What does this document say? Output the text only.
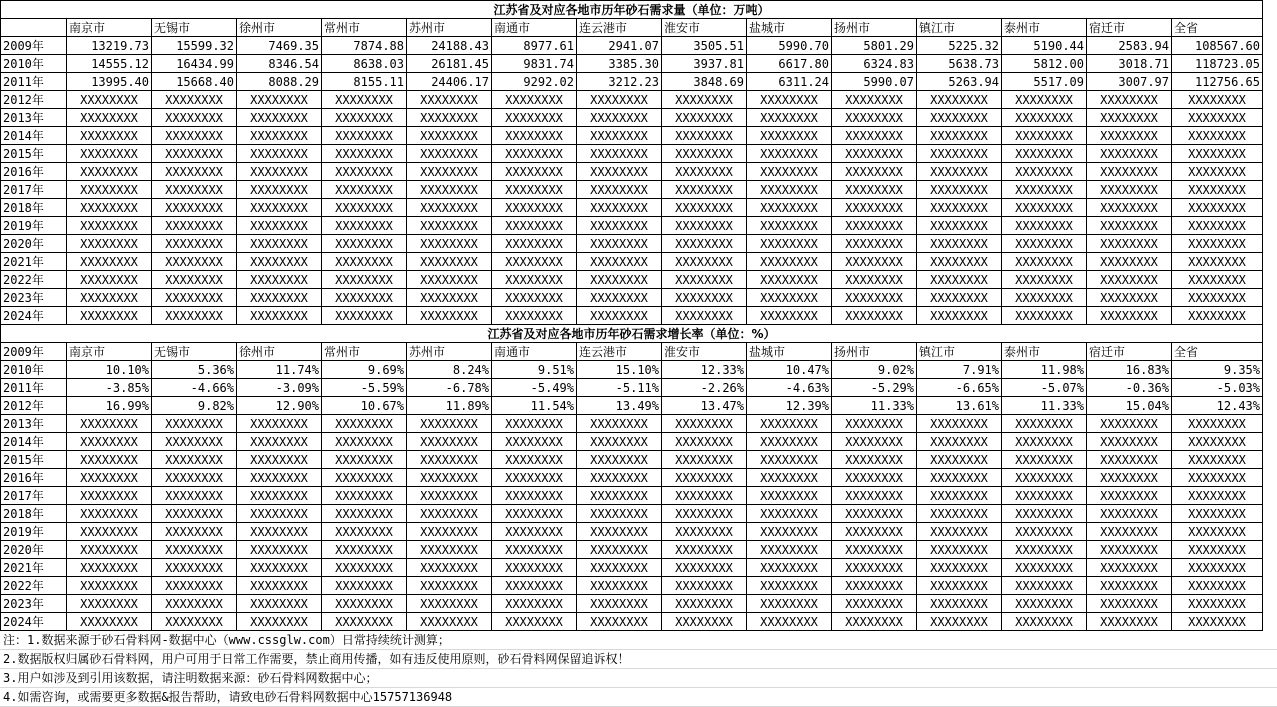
江苏省及对应各地市历年砂石需求量（单位：万吨）														
	南京市	无锡市	徐州市	常州市	苏州市	南通市	连云港市	淮安市	盐城市	扬州市	镇江市	泰州市	宿迁市	全省
2009年	13219.73	15599.32	7469.35	7874.88	24188.43	8977.61	2941.07	3505.51	5990.70	5801.29	5225.32	5190.44	2583.94	108567.60
2010年	14555.12	16434.99	8346.54	8638.03	26181.45	9831.74	3385.30	3937.81	6617.80	6324.83	5638.73	5812.00	3018.71	118723.05
2011年	13995.40	15668.40	8088.29	8155.11	24406.17	9292.02	3212.23	3848.69	6311.24	5990.07	5263.94	5517.09	3007.97	112756.65
2012年	XXXXXXXX	XXXXXXXX	XXXXXXXX	XXXXXXXX	XXXXXXXX	XXXXXXXX	XXXXXXXX	XXXXXXXX	XXXXXXXX	XXXXXXXX	XXXXXXXX	XXXXXXXX	XXXXXXXX	XXXXXXXX
2013年	XXXXXXXX	XXXXXXXX	XXXXXXXX	XXXXXXXX	XXXXXXXX	XXXXXXXX	XXXXXXXX	XXXXXXXX	XXXXXXXX	XXXXXXXX	XXXXXXXX	XXXXXXXX	XXXXXXXX	XXXXXXXX
2014年	XXXXXXXX	XXXXXXXX	XXXXXXXX	XXXXXXXX	XXXXXXXX	XXXXXXXX	XXXXXXXX	XXXXXXXX	XXXXXXXX	XXXXXXXX	XXXXXXXX	XXXXXXXX	XXXXXXXX	XXXXXXXX
2015年	XXXXXXXX	XXXXXXXX	XXXXXXXX	XXXXXXXX	XXXXXXXX	XXXXXXXX	XXXXXXXX	XXXXXXXX	XXXXXXXX	XXXXXXXX	XXXXXXXX	XXXXXXXX	XXXXXXXX	XXXXXXXX
2016年	XXXXXXXX	XXXXXXXX	XXXXXXXX	XXXXXXXX	XXXXXXXX	XXXXXXXX	XXXXXXXX	XXXXXXXX	XXXXXXXX	XXXXXXXX	XXXXXXXX	XXXXXXXX	XXXXXXXX	XXXXXXXX
2017年	XXXXXXXX	XXXXXXXX	XXXXXXXX	XXXXXXXX	XXXXXXXX	XXXXXXXX	XXXXXXXX	XXXXXXXX	XXXXXXXX	XXXXXXXX	XXXXXXXX	XXXXXXXX	XXXXXXXX	XXXXXXXX
2018年	XXXXXXXX	XXXXXXXX	XXXXXXXX	XXXXXXXX	XXXXXXXX	XXXXXXXX	XXXXXXXX	XXXXXXXX	XXXXXXXX	XXXXXXXX	XXXXXXXX	XXXXXXXX	XXXXXXXX	XXXXXXXX
2019年	XXXXXXXX	XXXXXXXX	XXXXXXXX	XXXXXXXX	XXXXXXXX	XXXXXXXX	XXXXXXXX	XXXXXXXX	XXXXXXXX	XXXXXXXX	XXXXXXXX	XXXXXXXX	XXXXXXXX	XXXXXXXX
2020年	XXXXXXXX	XXXXXXXX	XXXXXXXX	XXXXXXXX	XXXXXXXX	XXXXXXXX	XXXXXXXX	XXXXXXXX	XXXXXXXX	XXXXXXXX	XXXXXXXX	XXXXXXXX	XXXXXXXX	XXXXXXXX
2021年	XXXXXXXX	XXXXXXXX	XXXXXXXX	XXXXXXXX	XXXXXXXX	XXXXXXXX	XXXXXXXX	XXXXXXXX	XXXXXXXX	XXXXXXXX	XXXXXXXX	XXXXXXXX	XXXXXXXX	XXXXXXXX
2022年	XXXXXXXX	XXXXXXXX	XXXXXXXX	XXXXXXXX	XXXXXXXX	XXXXXXXX	XXXXXXXX	XXXXXXXX	XXXXXXXX	XXXXXXXX	XXXXXXXX	XXXXXXXX	XXXXXXXX	XXXXXXXX
2023年	XXXXXXXX	XXXXXXXX	XXXXXXXX	XXXXXXXX	XXXXXXXX	XXXXXXXX	XXXXXXXX	XXXXXXXX	XXXXXXXX	XXXXXXXX	XXXXXXXX	XXXXXXXX	XXXXXXXX	XXXXXXXX
2024年	XXXXXXXX	XXXXXXXX	XXXXXXXX	XXXXXXXX	XXXXXXXX	XXXXXXXX	XXXXXXXX	XXXXXXXX	XXXXXXXX	XXXXXXXX	XXXXXXXX	XXXXXXXX	XXXXXXXX	XXXXXXXX
江苏省及对应各地市历年砂石需求增长率（单位：%）														
2009年	南京市	无锡市	徐州市	常州市	苏州市	南通市	连云港市	淮安市	盐城市	扬州市	镇江市	泰州市	宿迁市	全省
2010年	10.10%	5.36%	11.74%	9.69%	8.24%	9.51%	15.10%	12.33%	10.47%	9.02%	7.91%	11.98%	16.83%	9.35%
2011年	-3.85%	-4.66%	-3.09%	-5.59%	-6.78%	-5.49%	-5.11%	-2.26%	-4.63%	-5.29%	-6.65%	-5.07%	-0.36%	-5.03%
2012年	16.99%	9.82%	12.90%	10.67%	11.89%	11.54%	13.49%	13.47%	12.39%	11.33%	13.61%	11.33%	15.04%	12.43%
2013年	XXXXXXXX	XXXXXXXX	XXXXXXXX	XXXXXXXX	XXXXXXXX	XXXXXXXX	XXXXXXXX	XXXXXXXX	XXXXXXXX	XXXXXXXX	XXXXXXXX	XXXXXXXX	XXXXXXXX	XXXXXXXX
2014年	XXXXXXXX	XXXXXXXX	XXXXXXXX	XXXXXXXX	XXXXXXXX	XXXXXXXX	XXXXXXXX	XXXXXXXX	XXXXXXXX	XXXXXXXX	XXXXXXXX	XXXXXXXX	XXXXXXXX	XXXXXXXX
2015年	XXXXXXXX	XXXXXXXX	XXXXXXXX	XXXXXXXX	XXXXXXXX	XXXXXXXX	XXXXXXXX	XXXXXXXX	XXXXXXXX	XXXXXXXX	XXXXXXXX	XXXXXXXX	XXXXXXXX	XXXXXXXX
2016年	XXXXXXXX	XXXXXXXX	XXXXXXXX	XXXXXXXX	XXXXXXXX	XXXXXXXX	XXXXXXXX	XXXXXXXX	XXXXXXXX	XXXXXXXX	XXXXXXXX	XXXXXXXX	XXXXXXXX	XXXXXXXX
2017年	XXXXXXXX	XXXXXXXX	XXXXXXXX	XXXXXXXX	XXXXXXXX	XXXXXXXX	XXXXXXXX	XXXXXXXX	XXXXXXXX	XXXXXXXX	XXXXXXXX	XXXXXXXX	XXXXXXXX	XXXXXXXX
2018年	XXXXXXXX	XXXXXXXX	XXXXXXXX	XXXXXXXX	XXXXXXXX	XXXXXXXX	XXXXXXXX	XXXXXXXX	XXXXXXXX	XXXXXXXX	XXXXXXXX	XXXXXXXX	XXXXXXXX	XXXXXXXX
2019年	XXXXXXXX	XXXXXXXX	XXXXXXXX	XXXXXXXX	XXXXXXXX	XXXXXXXX	XXXXXXXX	XXXXXXXX	XXXXXXXX	XXXXXXXX	XXXXXXXX	XXXXXXXX	XXXXXXXX	XXXXXXXX
2020年	XXXXXXXX	XXXXXXXX	XXXXXXXX	XXXXXXXX	XXXXXXXX	XXXXXXXX	XXXXXXXX	XXXXXXXX	XXXXXXXX	XXXXXXXX	XXXXXXXX	XXXXXXXX	XXXXXXXX	XXXXXXXX
2021年	XXXXXXXX	XXXXXXXX	XXXXXXXX	XXXXXXXX	XXXXXXXX	XXXXXXXX	XXXXXXXX	XXXXXXXX	XXXXXXXX	XXXXXXXX	XXXXXXXX	XXXXXXXX	XXXXXXXX	XXXXXXXX
2022年	XXXXXXXX	XXXXXXXX	XXXXXXXX	XXXXXXXX	XXXXXXXX	XXXXXXXX	XXXXXXXX	XXXXXXXX	XXXXXXXX	XXXXXXXX	XXXXXXXX	XXXXXXXX	XXXXXXXX	XXXXXXXX
2023年	XXXXXXXX	XXXXXXXX	XXXXXXXX	XXXXXXXX	XXXXXXXX	XXXXXXXX	XXXXXXXX	XXXXXXXX	XXXXXXXX	XXXXXXXX	XXXXXXXX	XXXXXXXX	XXXXXXXX	XXXXXXXX
2024年	XXXXXXXX	XXXXXXXX	XXXXXXXX	XXXXXXXX	XXXXXXXX	XXXXXXXX	XXXXXXXX	XXXXXXXX	XXXXXXXX	XXXXXXXX	XXXXXXXX	XXXXXXXX	XXXXXXXX	XXXXXXXX
注：1.数据来源于砂石骨料网-数据中心（www.cssglw.com）日常持续统计测算；
2.数据版权归属砂石骨料网，用户可用于日常工作需要，禁止商用传播，如有违反使用原则，砂石骨料网保留追诉权！
3.用户如涉及到引用该数据，请注明数据来源：砂石骨料网数据中心；
4.如需咨询，或需要更多数据&报告帮助，请致电砂石骨料网数据中心15757136948
